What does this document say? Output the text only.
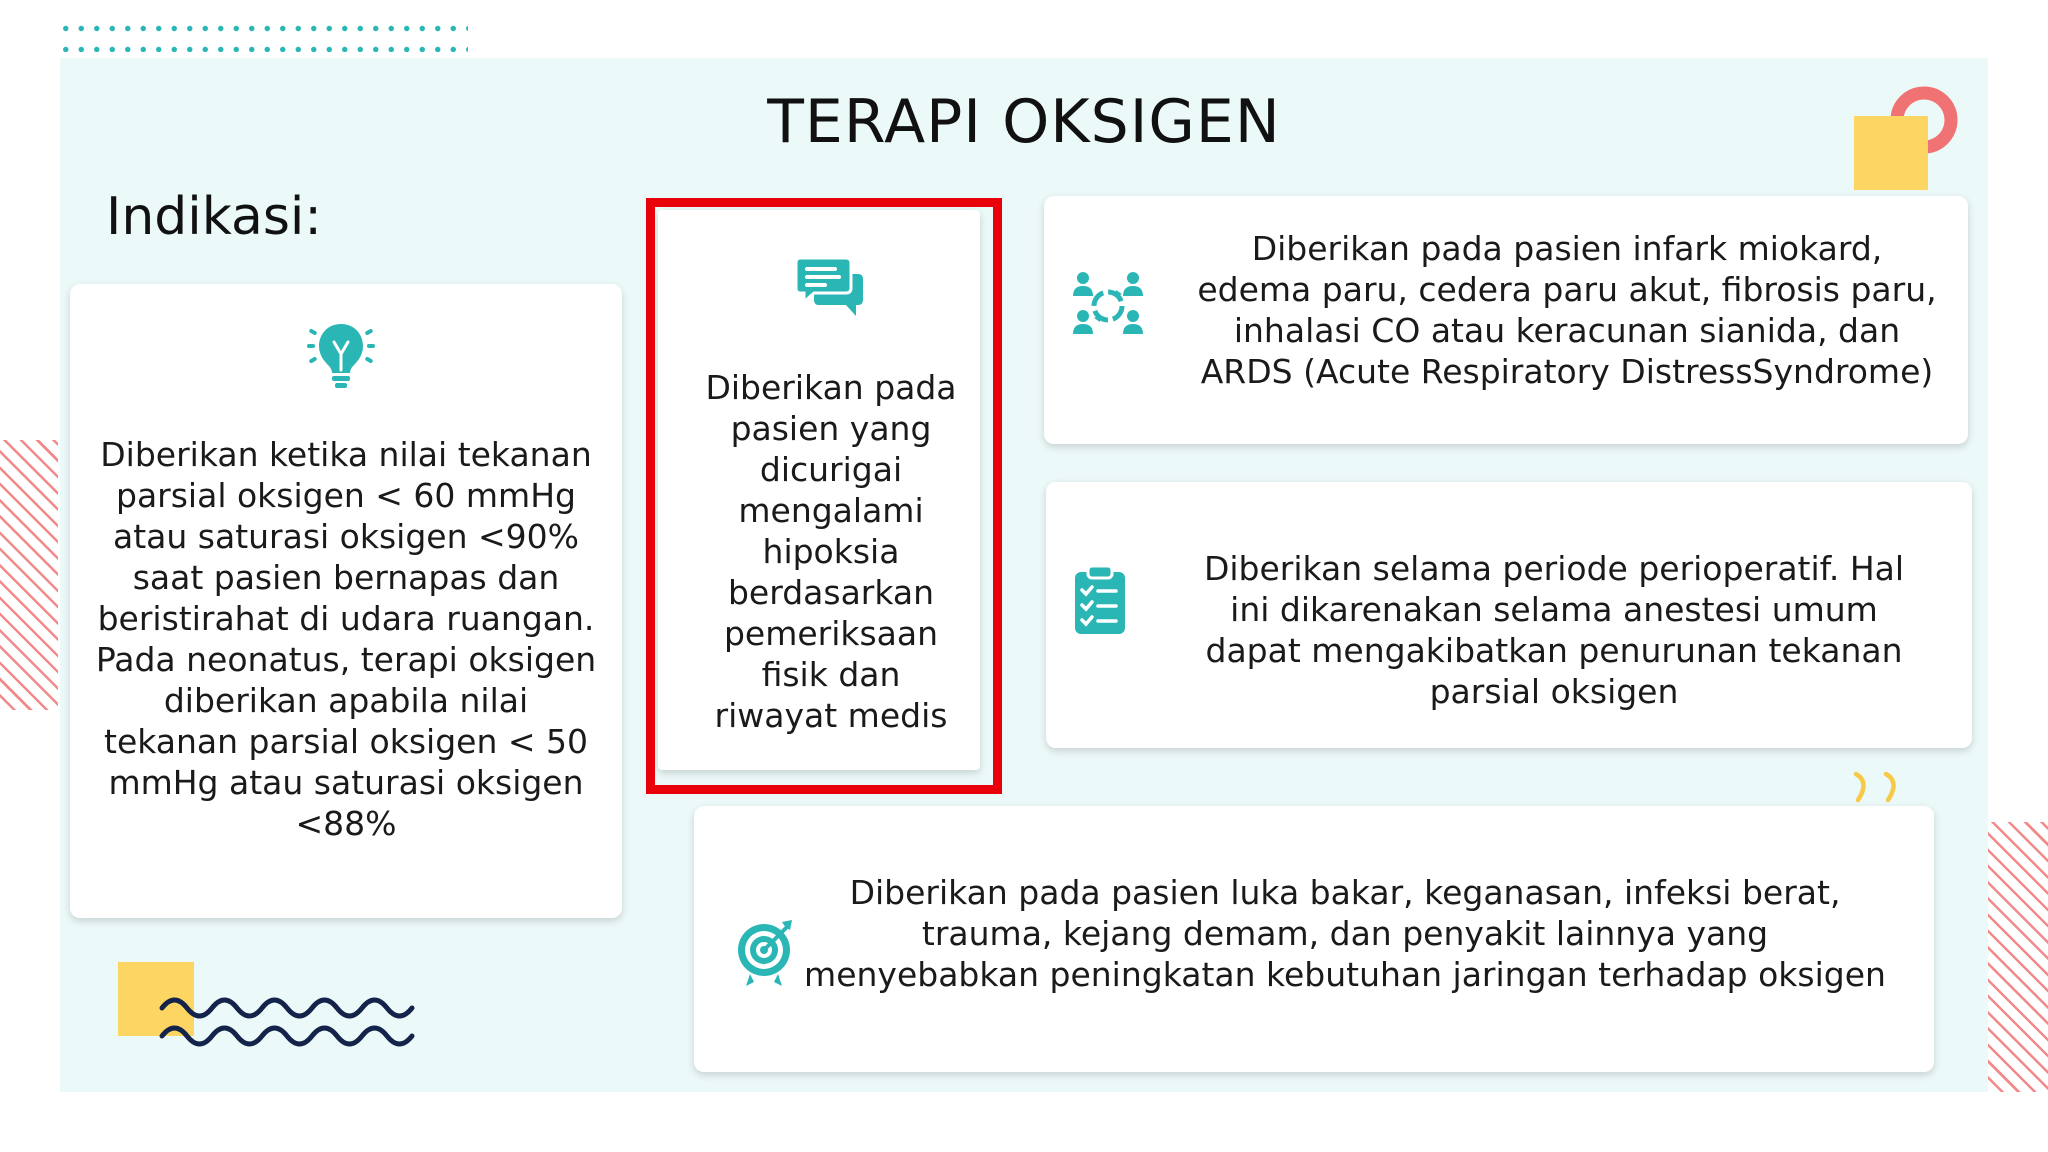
TERAPI OKSIGEN
Indikasi:

Diberikan ketika nilai tekanan parsial oksigen < 60 mmHg atau saturasi oksigen <90% saat pasien bernapas dan beristirahat di udara ruangan. Pada neonatus, terapi oksigen diberikan apabila nilai tekanan parsial oksigen < 50 mmHg atau saturasi oksigen <88%

Diberikan pada pasien yang dicurigai mengalami hipoksia berdasarkan pemeriksaan fisik dan riwayat medis

Diberikan pada pasien infark miokard, edema paru, cedera paru akut, fibrosis paru, inhalasi CO atau keracunan sianida, dan ARDS (Acute Respiratory DistressSyndrome)

Diberikan selama periode perioperatif. Hal ini dikarenakan selama anestesi umum dapat mengakibatkan penurunan tekanan parsial oksigen

Diberikan pada pasien luka bakar, keganasan, infeksi berat, trauma, kejang demam, dan penyakit lainnya yang menyebabkan peningkatan kebutuhan jaringan terhadap oksigen
